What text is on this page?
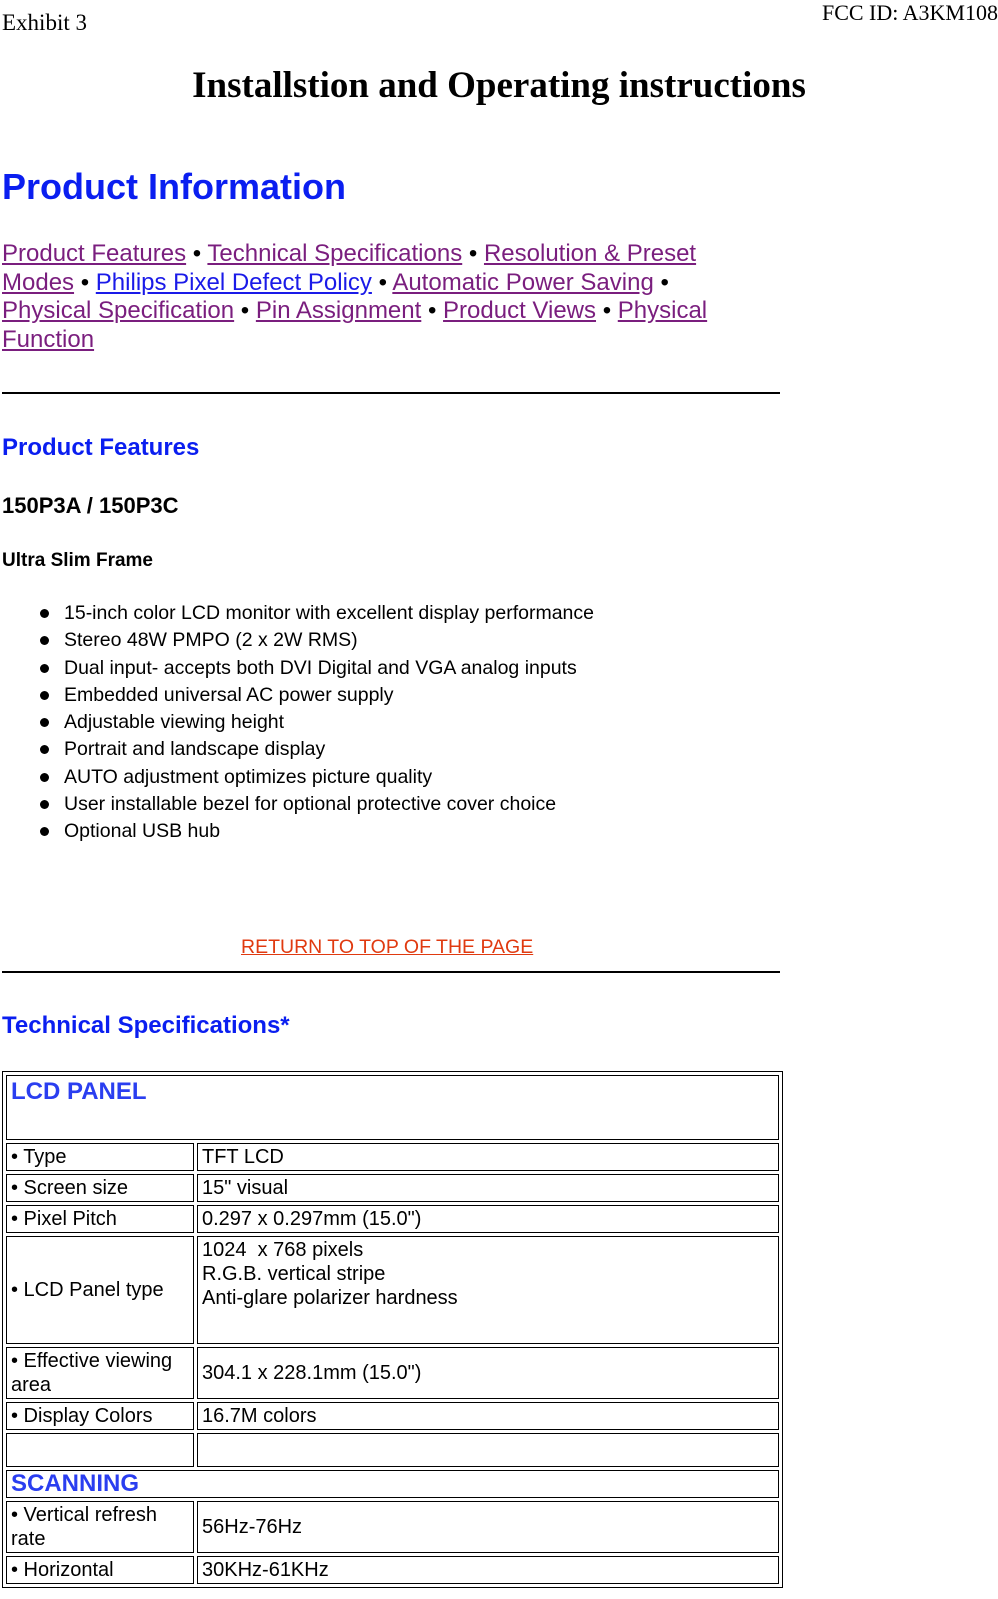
Exhibit 3	FCC ID: A3KM108
Installstion and Operating instructions
Product Information
Product Features • Technical Specifications • Resolution & Preset Modes • Philips Pixel Defect Policy • Automatic Power Saving • Physical Specification • Pin Assignment • Product Views • Physical Function
Product Features
150P3A / 150P3C
Ultra Slim Frame
15-inch color LCD monitor with excellent display performance
Stereo 48W PMPO (2 x 2W RMS)
Dual input- accepts both DVI Digital and VGA analog inputs
Embedded universal AC power supply
Adjustable viewing height
Portrait and landscape display
AUTO adjustment optimizes picture quality
User installable bezel for optional protective cover choice
Optional USB hub
RETURN TO TOP OF THE PAGE
Technical Specifications*
LCD PANEL	
• Type	TFT LCD
• Screen size	15" visual
• Pixel Pitch	0.297 x 0.297mm (15.0")
• LCD Panel type	1024  x 768 pixels
R.G.B. vertical stripe
Anti-glare polarizer hardness

• Effective viewing area	304.1 x 228.1mm (15.0")
• Display Colors	16.7M colors

SCANNING	
• Vertical refresh rate	56Hz-76Hz
• Horizontal	30KHz-61KHz
